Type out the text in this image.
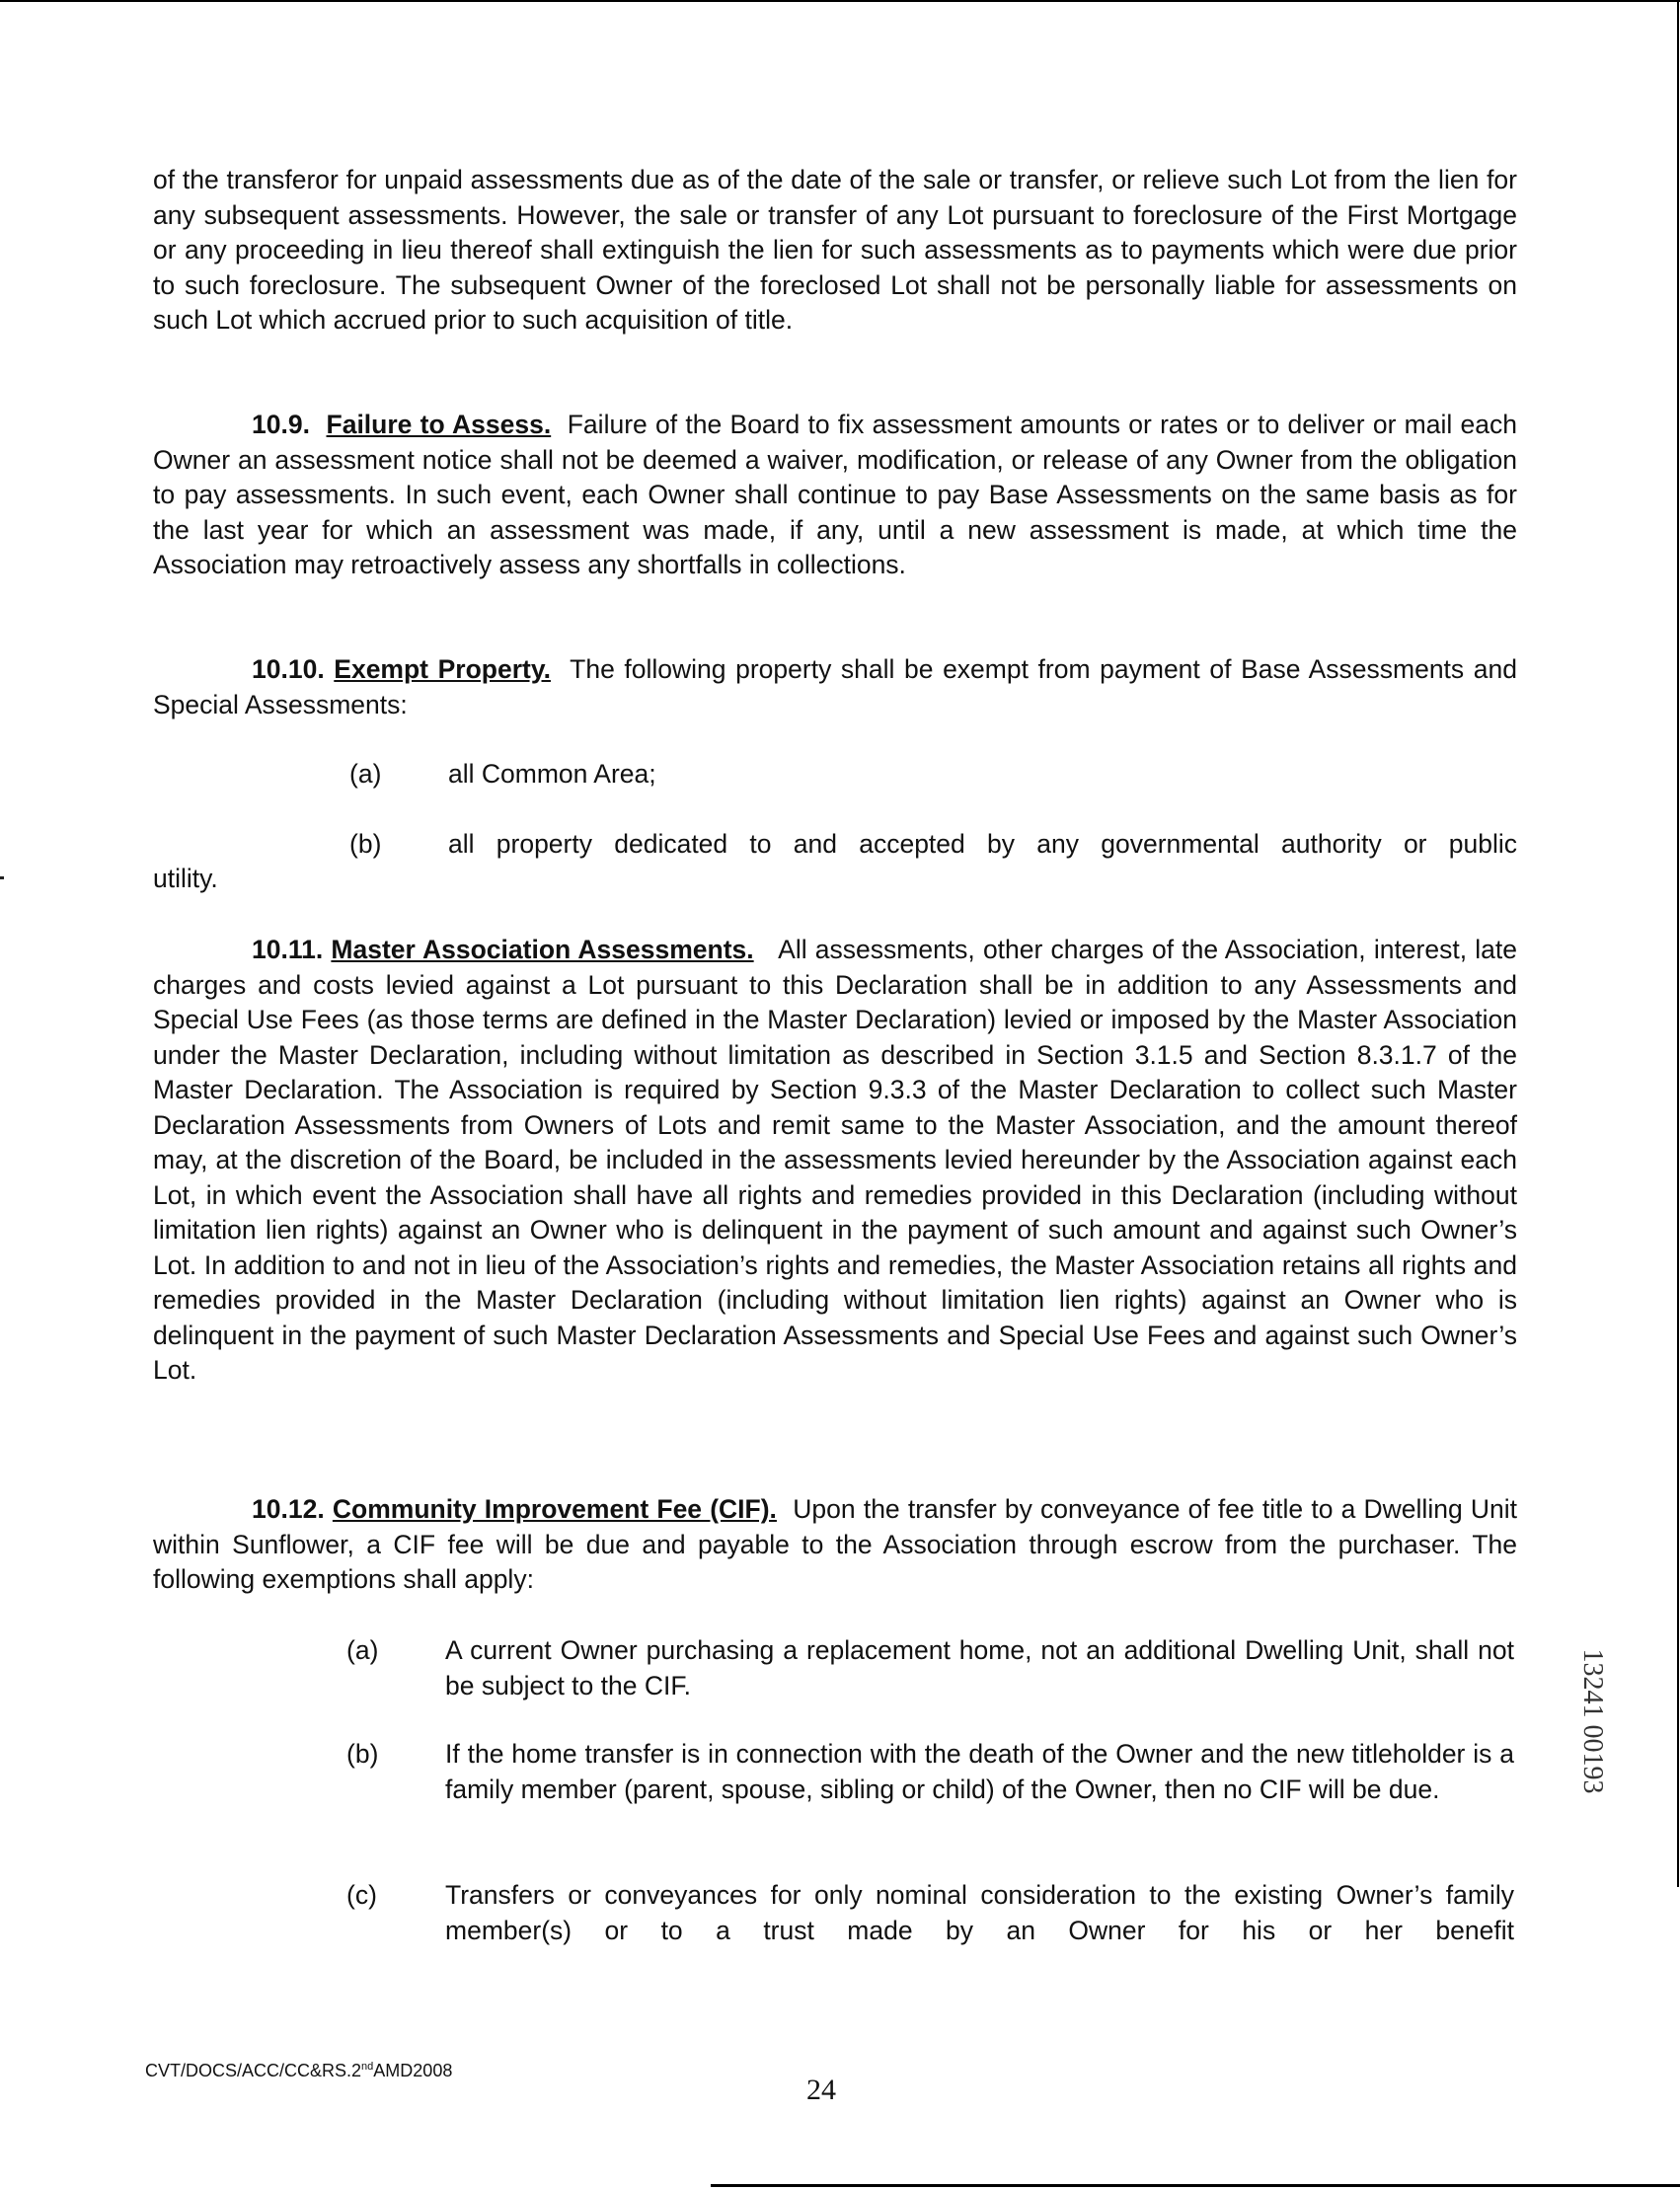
of the transferor for unpaid assessments due as of the date of the sale or transfer, or relieve such Lot from the lien for any subsequent assessments. However, the sale or transfer of any Lot pursuant to foreclosure of the First Mortgage or any proceeding in lieu thereof shall extinguish the lien for such assessments as to payments which were due prior to such foreclosure. The subsequent Owner of the foreclosed Lot shall not be personally liable for assessments on such Lot which accrued prior to such acquisition of title.
10.9. Failure to Assess. Failure of the Board to fix assessment amounts or rates or to deliver or mail each Owner an assessment notice shall not be deemed a waiver, modification, or release of any Owner from the obligation to pay assessments. In such event, each Owner shall continue to pay Base Assessments on the same basis as for the last year for which an assessment was made, if any, until a new assessment is made, at which time the Association may retroactively assess any shortfalls in collections.
10.10. Exempt Property. The following property shall be exempt from payment of Base Assessments and Special Assessments:
(a)	all Common Area;
(b)	all property dedicated to and accepted by any governmental authority or public
utility.
10.11. Master Association Assessments. All assessments, other charges of the Association, interest, late charges and costs levied against a Lot pursuant to this Declaration shall be in addition to any Assessments and Special Use Fees (as those terms are defined in the Master Declaration) levied or imposed by the Master Association under the Master Declaration, including without limitation as described in Section 3.1.5 and Section 8.3.1.7 of the Master Declaration. The Association is required by Section 9.3.3 of the Master Declaration to collect such Master Declaration Assessments from Owners of Lots and remit same to the Master Association, and the amount thereof may, at the discretion of the Board, be included in the assessments levied hereunder by the Association against each Lot, in which event the Association shall have all rights and remedies provided in this Declaration (including without limitation lien rights) against an Owner who is delinquent in the payment of such amount and against such Owner’s Lot. In addition to and not in lieu of the Association’s rights and remedies, the Master Association retains all rights and remedies provided in the Master Declaration (including without limitation lien rights) against an Owner who is delinquent in the payment of such Master Declaration Assessments and Special Use Fees and against such Owner’s Lot.
10.12. Community Improvement Fee (CIF). Upon the transfer by conveyance of fee title to a Dwelling Unit within Sunflower, a CIF fee will be due and payable to the Association through escrow from the purchaser. The following exemptions shall apply:
(a)	A current Owner purchasing a replacement home, not an additional Dwelling Unit, shall not be subject to the CIF.
(b)	If the home transfer is in connection with the death of the Owner and the new titleholder is a family member (parent, spouse, sibling or child) of the Owner, then no CIF will be due.
(c)	Transfers or conveyances for only nominal consideration to the existing Owner’s family member(s) or to a trust made by an Owner for his or her benefit
13241 00193
CVT/DOCS/ACC/CC&RS.2ndAMD2008
24
